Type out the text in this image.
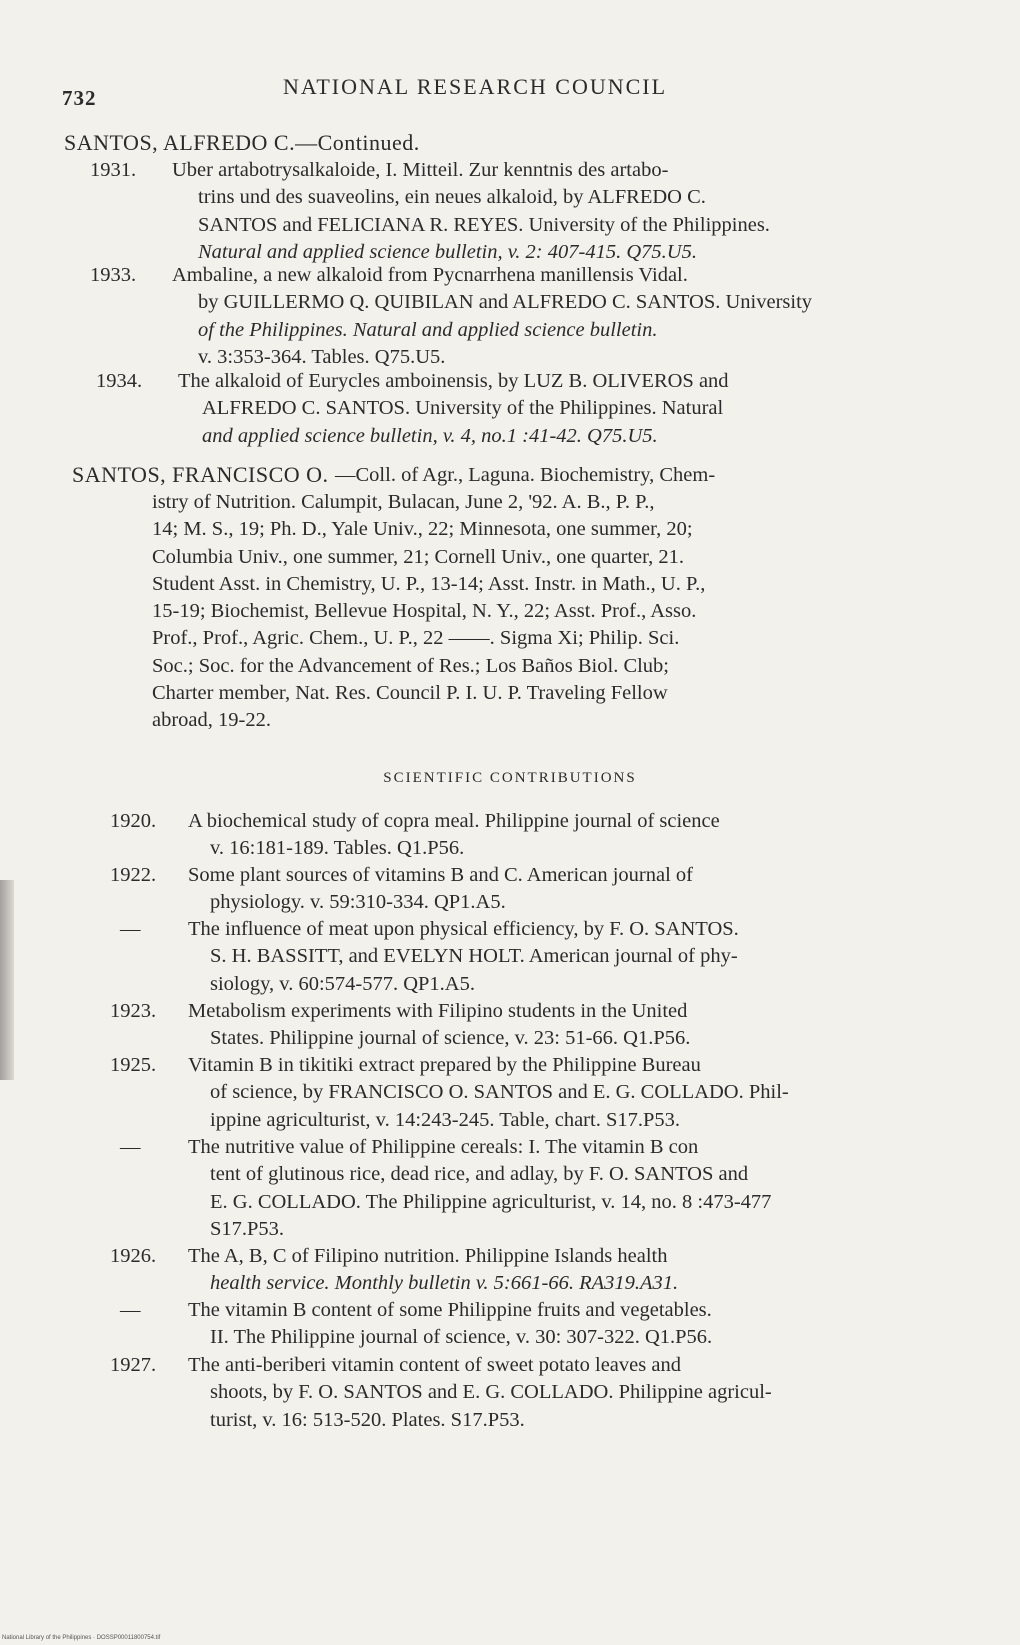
732	NATIONAL RESEARCH COUNCIL
SANTOS, ALFREDO C.—Continued.
1931. Uber artabotrysalkaloide, I. Mitteil. Zur kenntnis des artabo-
trins und des suaveolins, ein neues alkaloid, by ALFREDO C.
SANTOS and FELICIANA R. REYES. University of the Philippines.
Natural and applied science bulletin, v. 2: 407-415. Q75.U5.
1933. Ambaline, a new alkaloid from Pycnarrhena manillensis Vidal.
by GUILLERMO Q. QUIBILAN and ALFREDO C. SANTOS. University
of the Philippines. Natural and applied science bulletin.
v. 3:353-364. Tables. Q75.U5.
1934. The alkaloid of Eurycles amboinensis, by LUZ B. OLIVEROS and
ALFREDO C. SANTOS. University of the Philippines. Natural
and applied science bulletin, v. 4, no.1 :41-42. Q75.U5.
SANTOS, FRANCISCO O. —Coll. of Agr., Laguna. Biochemistry, Chem-
istry of Nutrition. Calumpit, Bulacan, June 2, '92. A. B., P. P.,
14; M. S., 19; Ph. D., Yale Univ., 22; Minnesota, one summer, 20;
Columbia Univ., one summer, 21; Cornell Univ., one quarter, 21.
Student Asst. in Chemistry, U. P., 13-14; Asst. Instr. in Math., U. P.,
15-19; Biochemist, Bellevue Hospital, N. Y., 22; Asst. Prof., Asso.
Prof., Prof., Agric. Chem., U. P., 22 ——. Sigma Xi; Philip. Sci.
Soc.; Soc. for the Advancement of Res.; Los Baños Biol. Club;
Charter member, Nat. Res. Council P. I. U. P. Traveling Fellow
abroad, 19-22.
SCIENTIFIC CONTRIBUTIONS
1920. A biochemical study of copra meal. Philippine journal of science
v. 16:181-189. Tables. Q1.P56.
1922. Some plant sources of vitamins B and C. American journal of
physiology. v. 59:310-334. QP1.A5.
— The influence of meat upon physical efficiency, by F. O. SANTOS.
S. H. BASSITT, and EVELYN HOLT. American journal of phy-
siology, v. 60:574-577. QP1.A5.
1923. Metabolism experiments with Filipino students in the United
States. Philippine journal of science, v. 23: 51-66. Q1.P56.
1925. Vitamin B in tikitiki extract prepared by the Philippine Bureau
of science, by FRANCISCO O. SANTOS and E. G. COLLADO. Phil-
ippine agriculturist, v. 14:243-245. Table, chart. S17.P53.
— The nutritive value of Philippine cereals: I. The vitamin B con
tent of glutinous rice, dead rice, and adlay, by F. O. SANTOS and
E. G. COLLADO. The Philippine agriculturist, v. 14, no. 8 :473-477
S17.P53.
1926. The A, B, C of Filipino nutrition. Philippine Islands health
health service. Monthly bulletin v. 5:661-66. RA319.A31.
— The vitamin B content of some Philippine fruits and vegetables.
II. The Philippine journal of science, v. 30: 307-322. Q1.P56.
1927. The anti-beriberi vitamin content of sweet potato leaves and
shoots, by F. O. SANTOS and E. G. COLLADO. Philippine agricul-
turist, v. 16: 513-520. Plates. S17.P53.
National Library of the Philippines · DOSSP00011800754.tif
